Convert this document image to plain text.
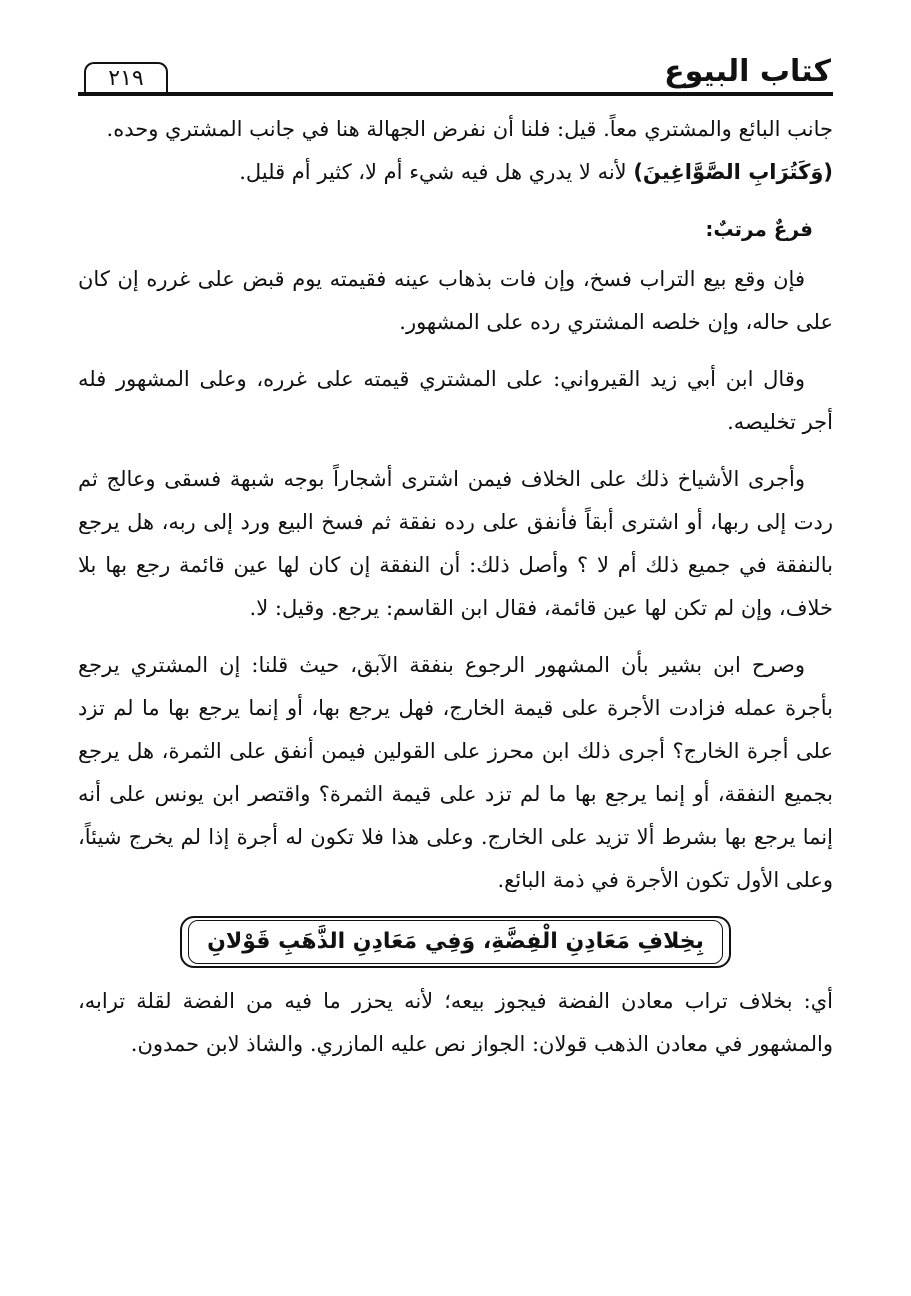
كتاب البيوع
٢١٩

جانب البائع والمشتري معاً. قيل: فلنا أن نفرض الجهالة هنا في جانب المشتري وحده.

(وَكَتُرَابِ الصَّوَّاغِينَ) لأنه لا يدري هل فيه شيء أم لا، كثير أم قليل.

فرعٌ مرتبٌ:

فإن وقع بيع التراب فسخ، وإن فات بذهاب عينه فقيمته يوم قبض على غرره إن كان على حاله، وإن خلصه المشتري رده على المشهور.

وقال ابن أبي زيد القيرواني: على المشتري قيمته على غرره، وعلى المشهور فله أجر تخليصه.

وأجرى الأشياخ ذلك على الخلاف فيمن اشترى أشجاراً بوجه شبهة فسقى وعالج ثم ردت إلى ربها، أو اشترى أبقاً فأنفق على رده نفقة ثم فسخ البيع ورد إلى ربه، هل يرجع بالنفقة في جميع ذلك أم لا ؟ وأصل ذلك: أن النفقة إن كان لها عين قائمة رجع بها بلا خلاف، وإن لم تكن لها عين قائمة، فقال ابن القاسم: يرجع. وقيل: لا.

وصرح ابن بشير بأن المشهور الرجوع بنفقة الآبق، حيث قلنا: إن المشتري يرجع بأجرة عمله فزادت الأجرة على قيمة الخارج، فهل يرجع بها، أو إنما يرجع بها ما لم تزد على أجرة الخارج؟ أجرى ذلك ابن محرز على القولين فيمن أنفق على الثمرة، هل يرجع بجميع النفقة، أو إنما يرجع بها ما لم تزد على قيمة الثمرة؟ واقتصر ابن يونس على أنه إنما يرجع بها بشرط ألا تزيد على الخارج. وعلى هذا فلا تكون له أجرة إذا لم يخرج شيئاً، وعلى الأول تكون الأجرة في ذمة البائع.

بِخِلافِ مَعَادِنِ الْفِضَّةِ، وَفِي مَعَادِنِ الذَّهَبِ قَوْلانِ

أي: بخلاف تراب معادن الفضة فيجوز بيعه؛ لأنه يحزر ما فيه من الفضة لقلة ترابه، والمشهور في معادن الذهب قولان: الجواز نص عليه المازري. والشاذ لابن حمدون.
